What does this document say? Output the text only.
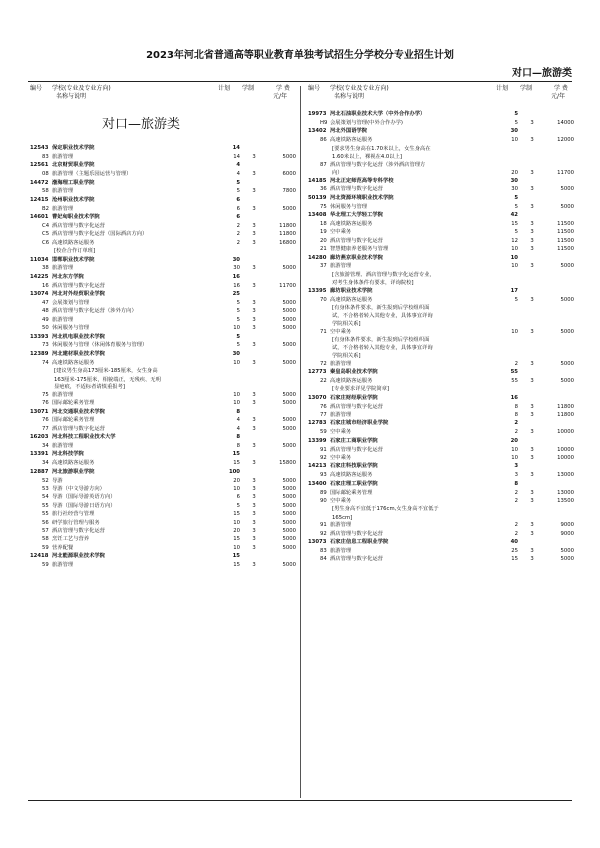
2023年河北省普通高等职业教育单独考试招生分学校分专业招生计划
对口—旅游类
编号 学校(专业及专业方向)
名称与说明
计划 学制	学 费
元/年
对口—旅游类
12543 保定职业技术学院	14
83 旅游管理	14	3	5000
12561 北京财贸职业学院	4
08 旅游管理（主题乐园运营与管理）	4	3	6000
14472 渤海理工职业学院	5
58 旅游管理	5	3	7800
12415 沧州职业技术学院	6
B2 旅游管理	6	3	5000
14601 曹妃甸职业技术学院	6
C4 酒店管理与数字化运营	2	3	11800
C5 酒店管理与数字化运营（国际酒店方向）	2	3	11800
C6 高速铁路客运服务	2	3	16800
[校企合作订单班]
11034 邯郸职业技术学院	30
38 旅游管理	30	3	5000
14225 河北东方学院	16
16 酒店管理与数字化运营	16	3	11700
13074 河北对外经贸职业学院	25
47 会展策划与管理	5	3	5000
48 酒店管理与数字化运营（涉外方向）	5	3	5000
49 旅游管理	5	3	5000
50 休闲服务与管理	10	3	5000
13393 河北机电职业技术学院	5
73 休闲服务与管理（休闲体育服务与管理）	5	3	5000
12389 河北建材职业技术学院	30
74 高速铁路客运服务	10	3	5000
[建议男生身高173厘米-185厘米，女生身高
163厘米-175厘米，相貌端正，无残疾、无明
显疤痕，不适标者请慎重报考]
75 旅游管理	10	3	5000
76 国际邮轮乘务管理	10	3	5000
13071 河北交通职业技术学院	8
76 国际邮轮乘务管理	4	3	5000
77 酒店管理与数字化运营	4	3	5000
16203 河北科技工程职业技术大学	8
34 旅游管理	8	3	5000
13391 河北科技学院	15
34 高速铁路客运服务	15	3	15800
12887 河北旅游职业学院	100
52 导游	20	3	5000
53 导游（中文导游方向）	10	3	5000
54 导游（国际导游英语方向）	6	3	5000
55 导游（国际导游日语方向）	5	3	5000
55 旅行社经营与管理	15	3	5000
56 研学旅行管理与服务	10	3	5000
57 酒店管理与数字化运营	20	3	5000
58 烹饪工艺与营养	15	3	5000
59 营养配餐	10	3	5000
12418 河北能源职业技术学院	15
59 旅游管理	15	3	5000
编号 学校(专业及专业方向)
名称与说明
计划 学制	学 费
元/年
19973 河北石油职业技术大学（中外合作办学）	5
H9 会展策划与管理(中外合作办学)	5	3	14000
13402 河北外国语学院	30
86 高速铁路客运服务	10	3	12000
[要求男生身高在1.70米以上，女生身高在
1.60米以上，裸视在4.0以上]
87 酒店管理与数字化运营（涉外酒店管理方
向）	20	3	11700
14185 河北正定师范高等专科学校	30
36 酒店管理与数字化运营	30	3	5000
50139 河北资源环境职业技术学院	5
75 休闲服务与管理	5	3	5000
13408 华北理工大学轻工学院	42
18 高速铁路客运服务	15	3	11500
19 空中乘务	5	3	11500
20 酒店管理与数字化运营	12	3	11500
21 智慧健康养老服务与管理	10	3	11500
14280 廊坊燕京职业技术学院	10
37 旅游管理	10	3	5000
[含旅游管理、酒店管理与数字化运营专业，
对考生身体条件有要求，详询院校]
13395 廊坊职业技术学院	17
70 高速铁路客运服务	5	3	5000
[有身体条件要求，新生报到后学校组织面
试，不合格者转入其他专业，具体事宜详询
学院相关系]
71 空中乘务	10	3	5000
[有身体条件要求，新生报到后学校组织面
试，不合格者转入其他专业，具体事宜详询
学院相关系]
72 旅游管理	2	3	5000
12773 秦皇岛职业技术学院	55
22 高速铁路客运服务	55	3	5000
[专业要求详见学院简章]
13070 石家庄财经职业学院	16
76 酒店管理与数字化运营	8	3	11800
77 旅游管理	8	3	11800
12783 石家庄城市经济职业学院	2
59 空中乘务	2	3	10000
13399 石家庄工商职业学院	20
91 酒店管理与数字化运营	10	3	10000
92 空中乘务	10	3	10000
14213 石家庄科技职业学院	3
93 高速铁路客运服务	3	3	13000
13400 石家庄理工职业学院	8
89 国际邮轮乘务管理	2	3	13000
90 空中乘务	2	3	13500
[男生身高不宜低于176cm,女生身高不宜低于
165cm]
91 旅游管理	2	3	9000
92 酒店管理与数字化运营	2	3	9000
13073 石家庄信息工程职业学院	40
83 旅游管理	25	3	5000
84 酒店管理与数字化运营	15	3	5000
